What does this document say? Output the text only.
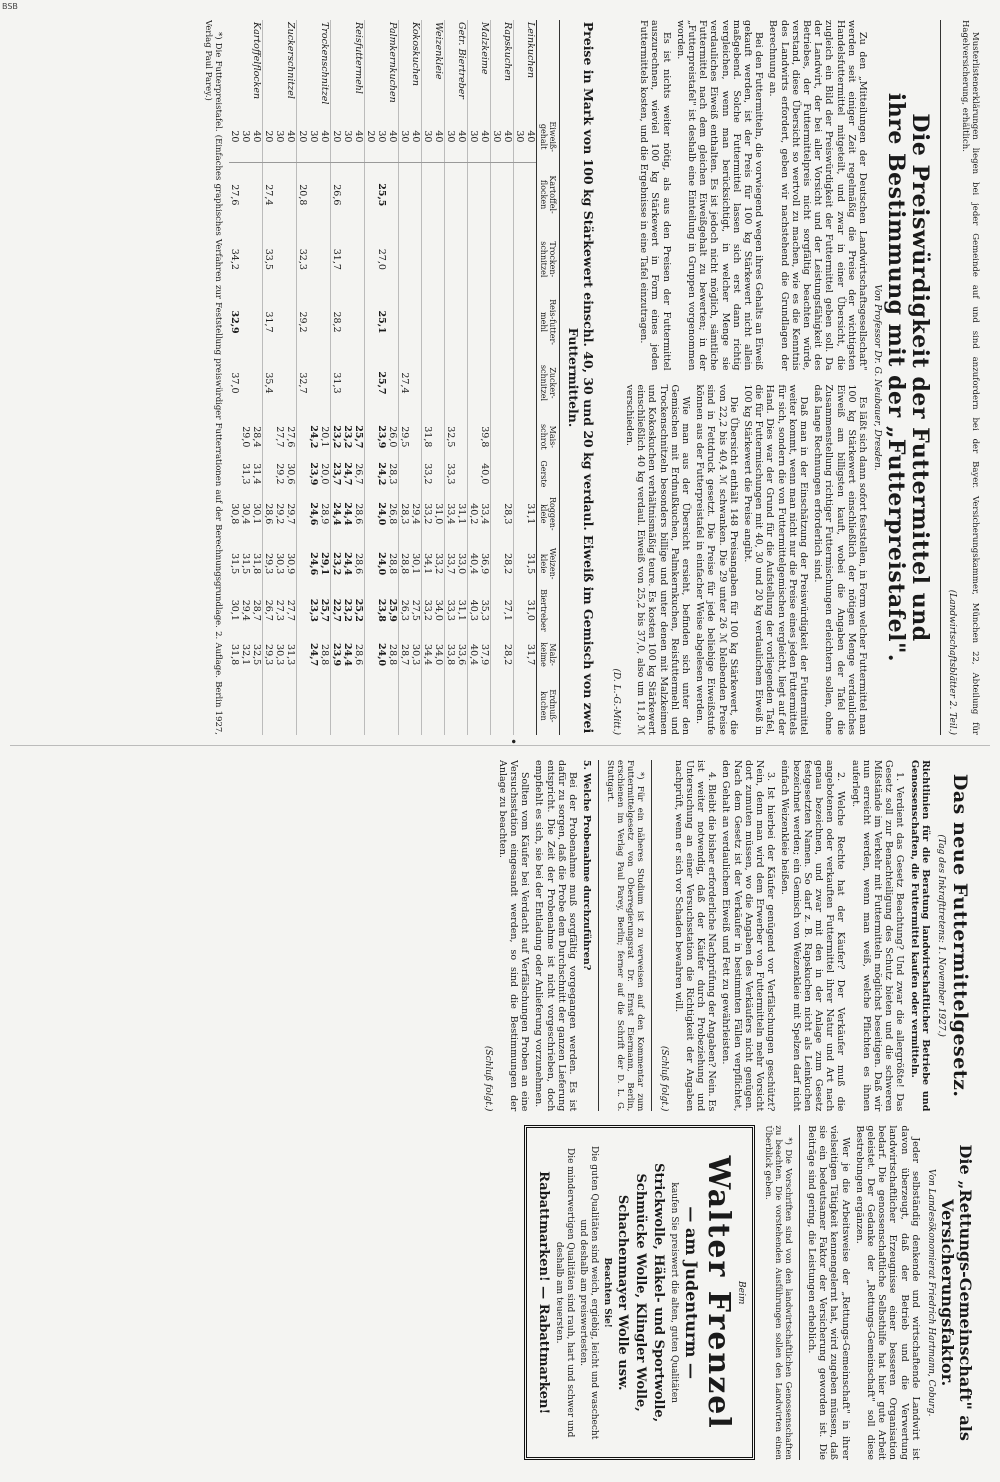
BSB

Musterlistenerklärungen liegen bei jeder Gemeinde auf und sind anzufordern bei der Bayer. Versicherungskammer, München 22, Abteilung für Hagelversicherung, erhältlich.

(Landwirtschaftsblätter 2. Teil.)
Die Preiswürdigkeit der Futtermittel und
ihre Bestimmung mit der „Futterpreistafel".
Von Professor Dr. G. Neubauer, Dresden.

Zu den „Mitteilungen der Deutschen Landwirtschaftsgesellschaft" werden seit einiger Zeit regelmäßig die Preise der wichtigsten Handelsfuttermittel mitgeteilt, und zwar in einer Übersicht, die zugleich ein Bild der Preiswürdigkeit der Futtermittel geben soll. Da der Landwirt, der bei aller Vorsicht und der Leistungsfähigkeit des Betriebes, der Futtermittelpreis nicht sorgfältig beachten würde, verstand, diese Übersicht so wertvoll zu machen, wie es die Kenntnis des Landwirts erfordert, geben wir nachstehend die Grundlagen der Berechnung an.

Bei den Futtermitteln, die vorwiegend wegen ihres Gehalts an Eiweiß gekauft werden, ist der Preis für 100 kg Stärkewert nicht allein maßgebend. Solche Futtermittel lassen sich erst dann richtig vergleichen, wenn man berücksichtigt, in welcher Menge sie verdauliches Eiweiß enthalten. Es ist jedoch nicht möglich, sämtliche Futtermittel nach dem gleichen Eiweißgehalt zu bewerten; in der „Futterpreistafel" ist deshalb eine Einteilung in Gruppen vorgenommen worden.

Es ist nichts weiter nötig, als aus den Preisen der Futtermittel auszurechnen, wieviel 100 kg Stärkewert in Form eines jeden Futtermittels kosten, und die Ergebnisse in eine Tafel einzutragen.

Es läßt sich dann sofort feststellen, in Form welcher Futtermittel man 100 kg Stärkewert einschließlich der nötigen Menge verdauliches Eiweiß am billigsten kauft, wobei die Angaben der Tafel die Zusammenstellung richtiger Futtermischungen erleichtern sollen, ohne daß lange Rechnungen erforderlich sind.

Daß man in der Einschätzung der Preiswürdigkeit der Futtermittel weiter kommt, wenn man nicht nur die Preise eines jeden Futtermittels für sich, sondern die von Futtermittelgemischen vergleicht, liegt auf der Hand. Dies war der Grund für die Aufstellung der vorliegenden Tafel, die für Futtermischungen mit 40, 30 und 20 kg verdaulichem Eiweiß in 100 kg Stärkewert die Preise angibt.

Die Übersicht enthält 148 Preisangaben für 100 kg Stärkewert, die von 22,2 bis 40,4 ℳ schwanken. Die 29 unter 26 ℳ bleibenden Preise sind in Fettdruck gesetzt. Die Preise für jede beliebige Eiweißstufe können aus der Futterpreistafel in einfacher Weise abgelesen werden.

Wie man aus der Übersicht ersieht, befinden sich unter den Gemischen mit Erdnußkuchen, Palmkernkuchen, Reisfuttermehl und Trockenschnitzeln besonders billige und unter denen mit Malzkeimen und Kokoskuchen verhältnismäßig teure. Es kosten 100 kg Stärkewert einschließlich 40 kg verdaul. Eiweiß von 25,2 bis 37,0, also um 11,8 ℳ verschieden.

(D. L.-G.-Mitt.)
Preise in Mark von 100 kg Stärkewert einschl. 40, 30 und 20 kg verdaul. Eiweiß im Gemisch von zwei Futtermitteln.
	Eiweiß-gehalt	Kartoffel-flocken	Trocken-schnitzel	Reis-futter-mehl	Zucker-schnitzel	Mais-schrot	Gerste	Roggen-kleie	Weizen-kleie	Biertreber	Malz-keime	Erdnuß-kuchen
Leinkuchen	40							31,1	31,5	31,0	31,7	
	30											
Rapskuchen	40							28,3	28,2	27,1	28,2	
	30											
Malzkeime	40					39,8	40,0	33,4	36,9	35,3	37,9	
	30							40,2	40,4	40,3	40,4	
Getr. Biertreber	40							31,1	33,0	31,1	33,6	
	30					32,5	33,3	33,4	33,7	33,3	33,8	
Weizenkleie	40							31,0	33,2	34,0	34,0	
	30					31,8	33,2	33,2	34,1	33,2	34,4	
Kokoskuchen	40							29,4	30,1	27,5	30,3	
	30				27,4	29,5		28,3	28,8	26,3	28,7	
Palmkernkuchen	40					26,0	28,3	26,8	28,8	25,9	28,8	
	30	25,5	27,0	25,1	25,7	23,9	24,2	24,0	24,0	23,8	24,0	
	20											
Reisfuttermehl	40					25,7	26,7	28,6	28,6	25,2	28,6	
	30					23,2	24,7	24,4	24,4	23,2	24,4	
	20	26,6	31,7	28,2	31,3	23,2	23,7	24,4	23,2	22,7	23,9	
Trockenschnitzel	40					20,1	20,0	28,9	29,1	25,7	28,8	
	30					24,2	23,9	24,6	24,6	23,3	24,7	
	20	20,8	32,3	29,2	32,7							
Zuckerschnitzel	40					27,6	30,6	29,7	30,9	27,7	31,3	
	30					27,7	29,2	29,2	30,3	27,3	30,3	
	20	27,4	33,5	31,7	35,4			28,6	29,3	26,7	29,3	
Kartoffelflocken	40					28,4	31,4	30,1	31,8	28,7	32,5	
	30					29,0	31,3	30,4	31,5	29,4	32,1	
	20	27,6	34,2	32,9	37,0			30,8	31,5	30,1	31,8	

*) Die Futterpreistafel. (Einfaches graphisches Verfahren zur Feststellung preiswürdiger Futterrationen auf der Berechnungsgrundlage. 2. Auflage. Berlin 1927, Verlag Paul Parey.)

•
Das neue Futtermittelgesetz.
(Tag des Inkrafttretens: 1. November 1927.)

Richtlinien für die Beratung landwirtschaftlicher Betriebe und Genossenschaften, die Futtermittel kaufen oder vermitteln.

1. Verdient das Gesetz Beachtung? Und zwar die allergrößte! Das Gesetz soll zur Benachteiligung des Schutz bieten und die schweren Mißstände im Verkehr mit Futtermitteln möglichst beseitigen. Daß wir nun erreicht werden, wenn man weiß, welche Pflichten es ihnen auferlegt.

2. Welche Rechte hat der Käufer? Der Verkäufer muß die angebotenen oder verkauften Futtermittel ihrer Natur und Art nach genau bezeichnen, und zwar mit den in der Anlage zum Gesetz festgesetzten Namen. So darf z. B. Rapskuchen nicht als Leinkuchen bezeichnet werden; ein Gemisch von Weizenkleie mit Spelzen darf nicht einfach Weizenkleie heißen.

3. Ist hierbei der Käufer genügend vor Verfälschungen geschützt? Nein, denn man wird dem Erwerber von Futtermitteln mehr Vorsicht dort zumuten müssen, wo die Angaben des Verkäufers nicht genügen. Nach dem Gesetz ist der Verkäufer in bestimmten Fällen verpflichtet, den Gehalt an verdaulichem Eiweiß und Fett zu gewährleisten.

4. Bleibt die bisher erforderliche Nachprüfung der Angaben? Nein. Es ist weiter notwendig, daß der Käufer durch Probeziehung und Untersuchung an einer Versuchsstation die Richtigkeit der Angaben nachprüft, wenn er sich vor Schaden bewahren will.

(Schluß folgt.)

*) Für ein näheres Studium ist zu verweisen auf den Kommentar zum Futtermittelgesetz von Oberregierungsrat Dr. Ernst Eiermann, Berlin, erschienen im Verlag Paul Parey, Berlin; ferner auf die Schrift der D. L. G. Stuttgart.

5. Welche Probenahme durchzuführen?

Bei der Probenahme muß sorgfältig vorgegangen werden. Es ist dafür zu sorgen, daß die Probe dem Durchschnitt der ganzen Lieferung entspricht. Die Zeit der Probenahme ist nicht vorgeschrieben, doch empfiehlt es sich, sie bei der Entladung oder Anlieferung vorzunehmen.

Sollten vom Käufer bei Verdacht auf Verfälschungen Proben an eine Versuchsstation eingesandt werden, so sind die Bestimmungen der Anlage zu beachten.

(Schluß folgt.)
Die „Rettungs-Gemeinschaft" als Versicherungsfaktor.
Von Landesökonomierat Friedrich Hartmann, Coburg.

Jeder selbständig denkende und wirtschaftende Landwirt ist davon überzeugt, daß der Betrieb und die Verwertung landwirtschaftlicher Erzeugnisse einer besseren Organisation bedarf. Die genossenschaftliche Selbsthilfe hat hier gute Arbeit geleistet. Der Gedanke der „Rettungs-Gemeinschaft" soll diese Bestrebungen ergänzen.

Wer je die Arbeitsweise der „Rettungs-Gemeinschaft" in ihrer vielseitigen Tätigkeit kennengelernt hat, wird zugeben müssen, daß sie ein bedeutsamer Faktor der Versicherung geworden ist. Die Beiträge sind gering, die Leistungen erheblich.

*) Die Vorschriften sind von den landwirtschaftlichen Genossenschaften zu beachten. Die vorstehenden Ausführungen sollen den Landwirten einen Überblick geben.

Beim
Walter Frenzel
— am Judenturm —
kaufen Sie preiswert die alten, guten Qualitäten
Strickwolle, Häkel- und Sportwolle,
Schmücke Wolle, Klingler Wolle,
Schachenmayer Wolle usw.
Beachten Sie!
Die guten Qualitäten sind weich, ergiebig, leicht und waschecht und deshalb am preiswertesten.
Die minderwertigen Qualitäten sind rauh, hart und schwer und deshalb am teuersten.
Rabattmarken! — Rabattmarken!
